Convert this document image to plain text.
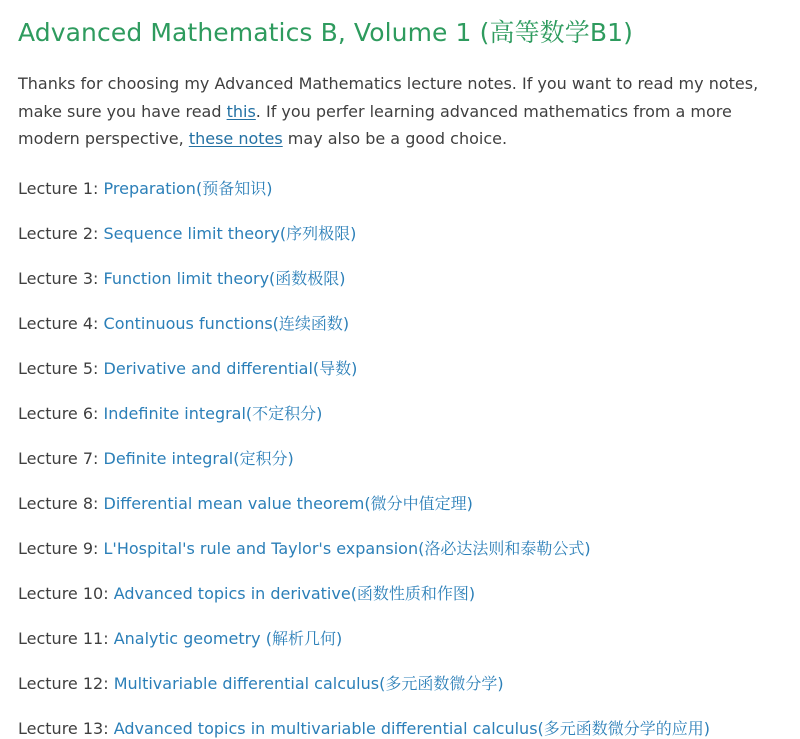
Advanced Mathematics B, Volume 1 (高等数学B1)

Thanks for choosing my Advanced Mathematics lecture notes. If you want to read my notes, make sure you have read this. If you perfer learning advanced mathematics from a more modern perspective, these notes may also be a good choice.

Lecture 1: Preparation(预备知识)
Lecture 2: Sequence limit theory(序列极限)
Lecture 3: Function limit theory(函数极限)
Lecture 4: Continuous functions(连续函数)
Lecture 5: Derivative and differential(导数)
Lecture 6: Indefinite integral(不定积分)
Lecture 7: Definite integral(定积分)
Lecture 8: Differential mean value theorem(微分中值定理)
Lecture 9: L'Hospital's rule and Taylor's expansion(洛必达法则和泰勒公式)
Lecture 10: Advanced topics in derivative(函数性质和作图)
Lecture 11: Analytic geometry (解析几何)
Lecture 12: Multivariable differential calculus(多元函数微分学)
Lecture 13: Advanced topics in multivariable differential calculus(多元函数微分学的应用)
